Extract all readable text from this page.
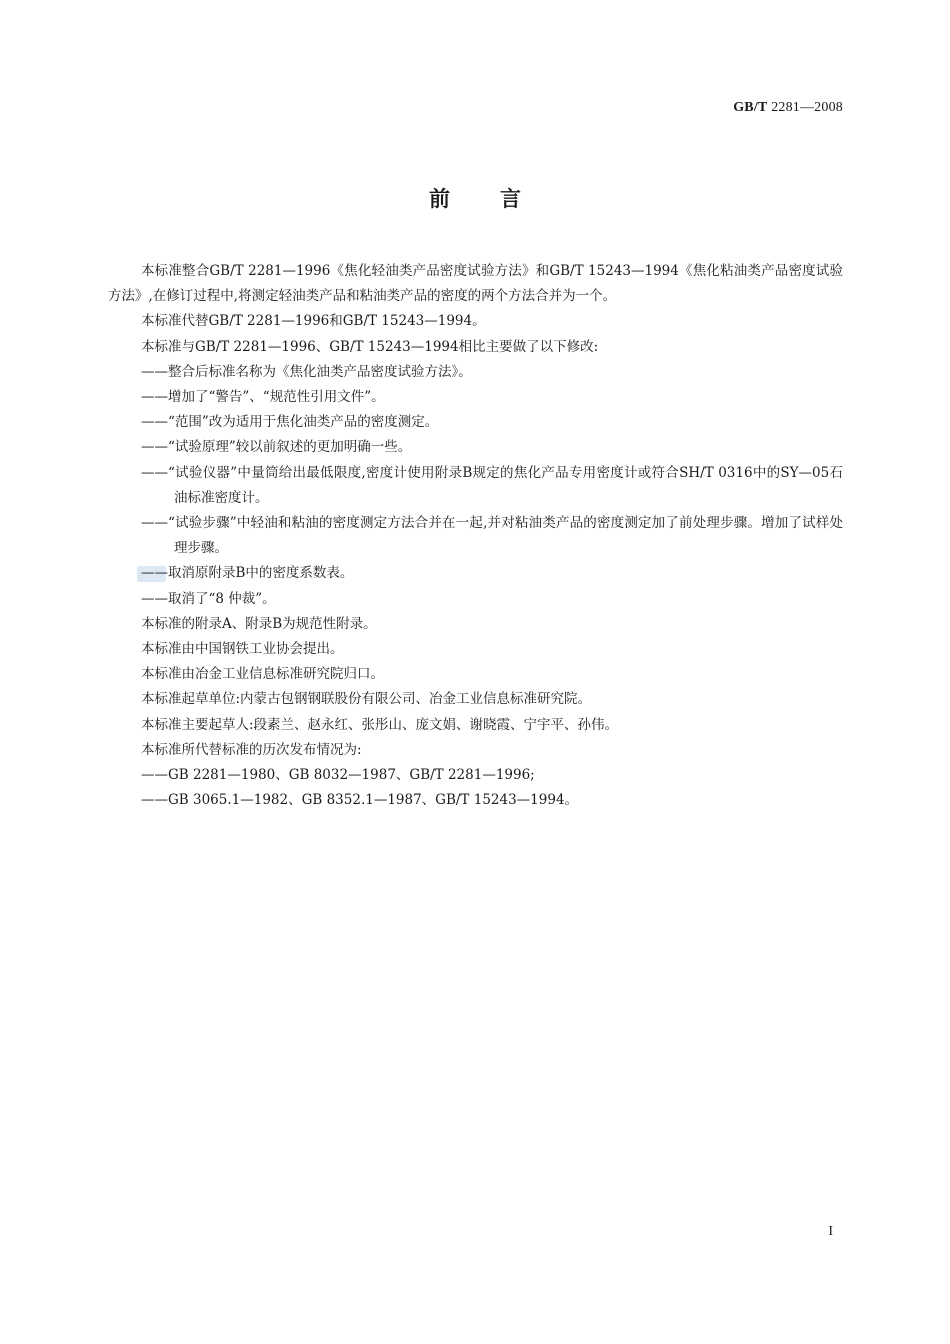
GB/T 2281—2008
前言

本标准整合GB/T 2281—1996《焦化轻油类产品密度试验方法》和GB/T 15243—1994《焦化粘油类产品密度试验方法》,在修订过程中,将测定轻油类产品和粘油类产品的密度的两个方法合并为一个。

本标准代替GB/T 2281—1996和GB/T 15243—1994。

本标准与GB/T 2281—1996、GB/T 15243—1994相比主要做了以下修改:

——整合后标准名称为《焦化油类产品密度试验方法》。

——增加了“警告”、“规范性引用文件”。

——“范围”改为适用于焦化油类产品的密度测定。

——“试验原理”较以前叙述的更加明确一些。

——“试验仪器”中量筒给出最低限度,密度计使用附录B规定的焦化产品专用密度计或符合SH/T 0316中的SY—05石油标准密度计。

——“试验步骤”中轻油和粘油的密度测定方法合并在一起,并对粘油类产品的密度测定加了前处理步骤。增加了试样处理步骤。

——取消原附录B中的密度系数表。

——取消了“8 仲裁”。

本标准的附录A、附录B为规范性附录。

本标准由中国钢铁工业协会提出。

本标准由冶金工业信息标准研究院归口。

本标准起草单位:内蒙古包钢钢联股份有限公司、冶金工业信息标准研究院。

本标准主要起草人:段素兰、赵永红、张彤山、庞文娟、谢晓霞、宁宇平、孙伟。

本标准所代替标准的历次发布情况为:

——GB 2281—1980、GB 8032—1987、GB/T 2281—1996;

——GB 3065.1—1982、GB 8352.1—1987、GB/T 15243—1994。

I
